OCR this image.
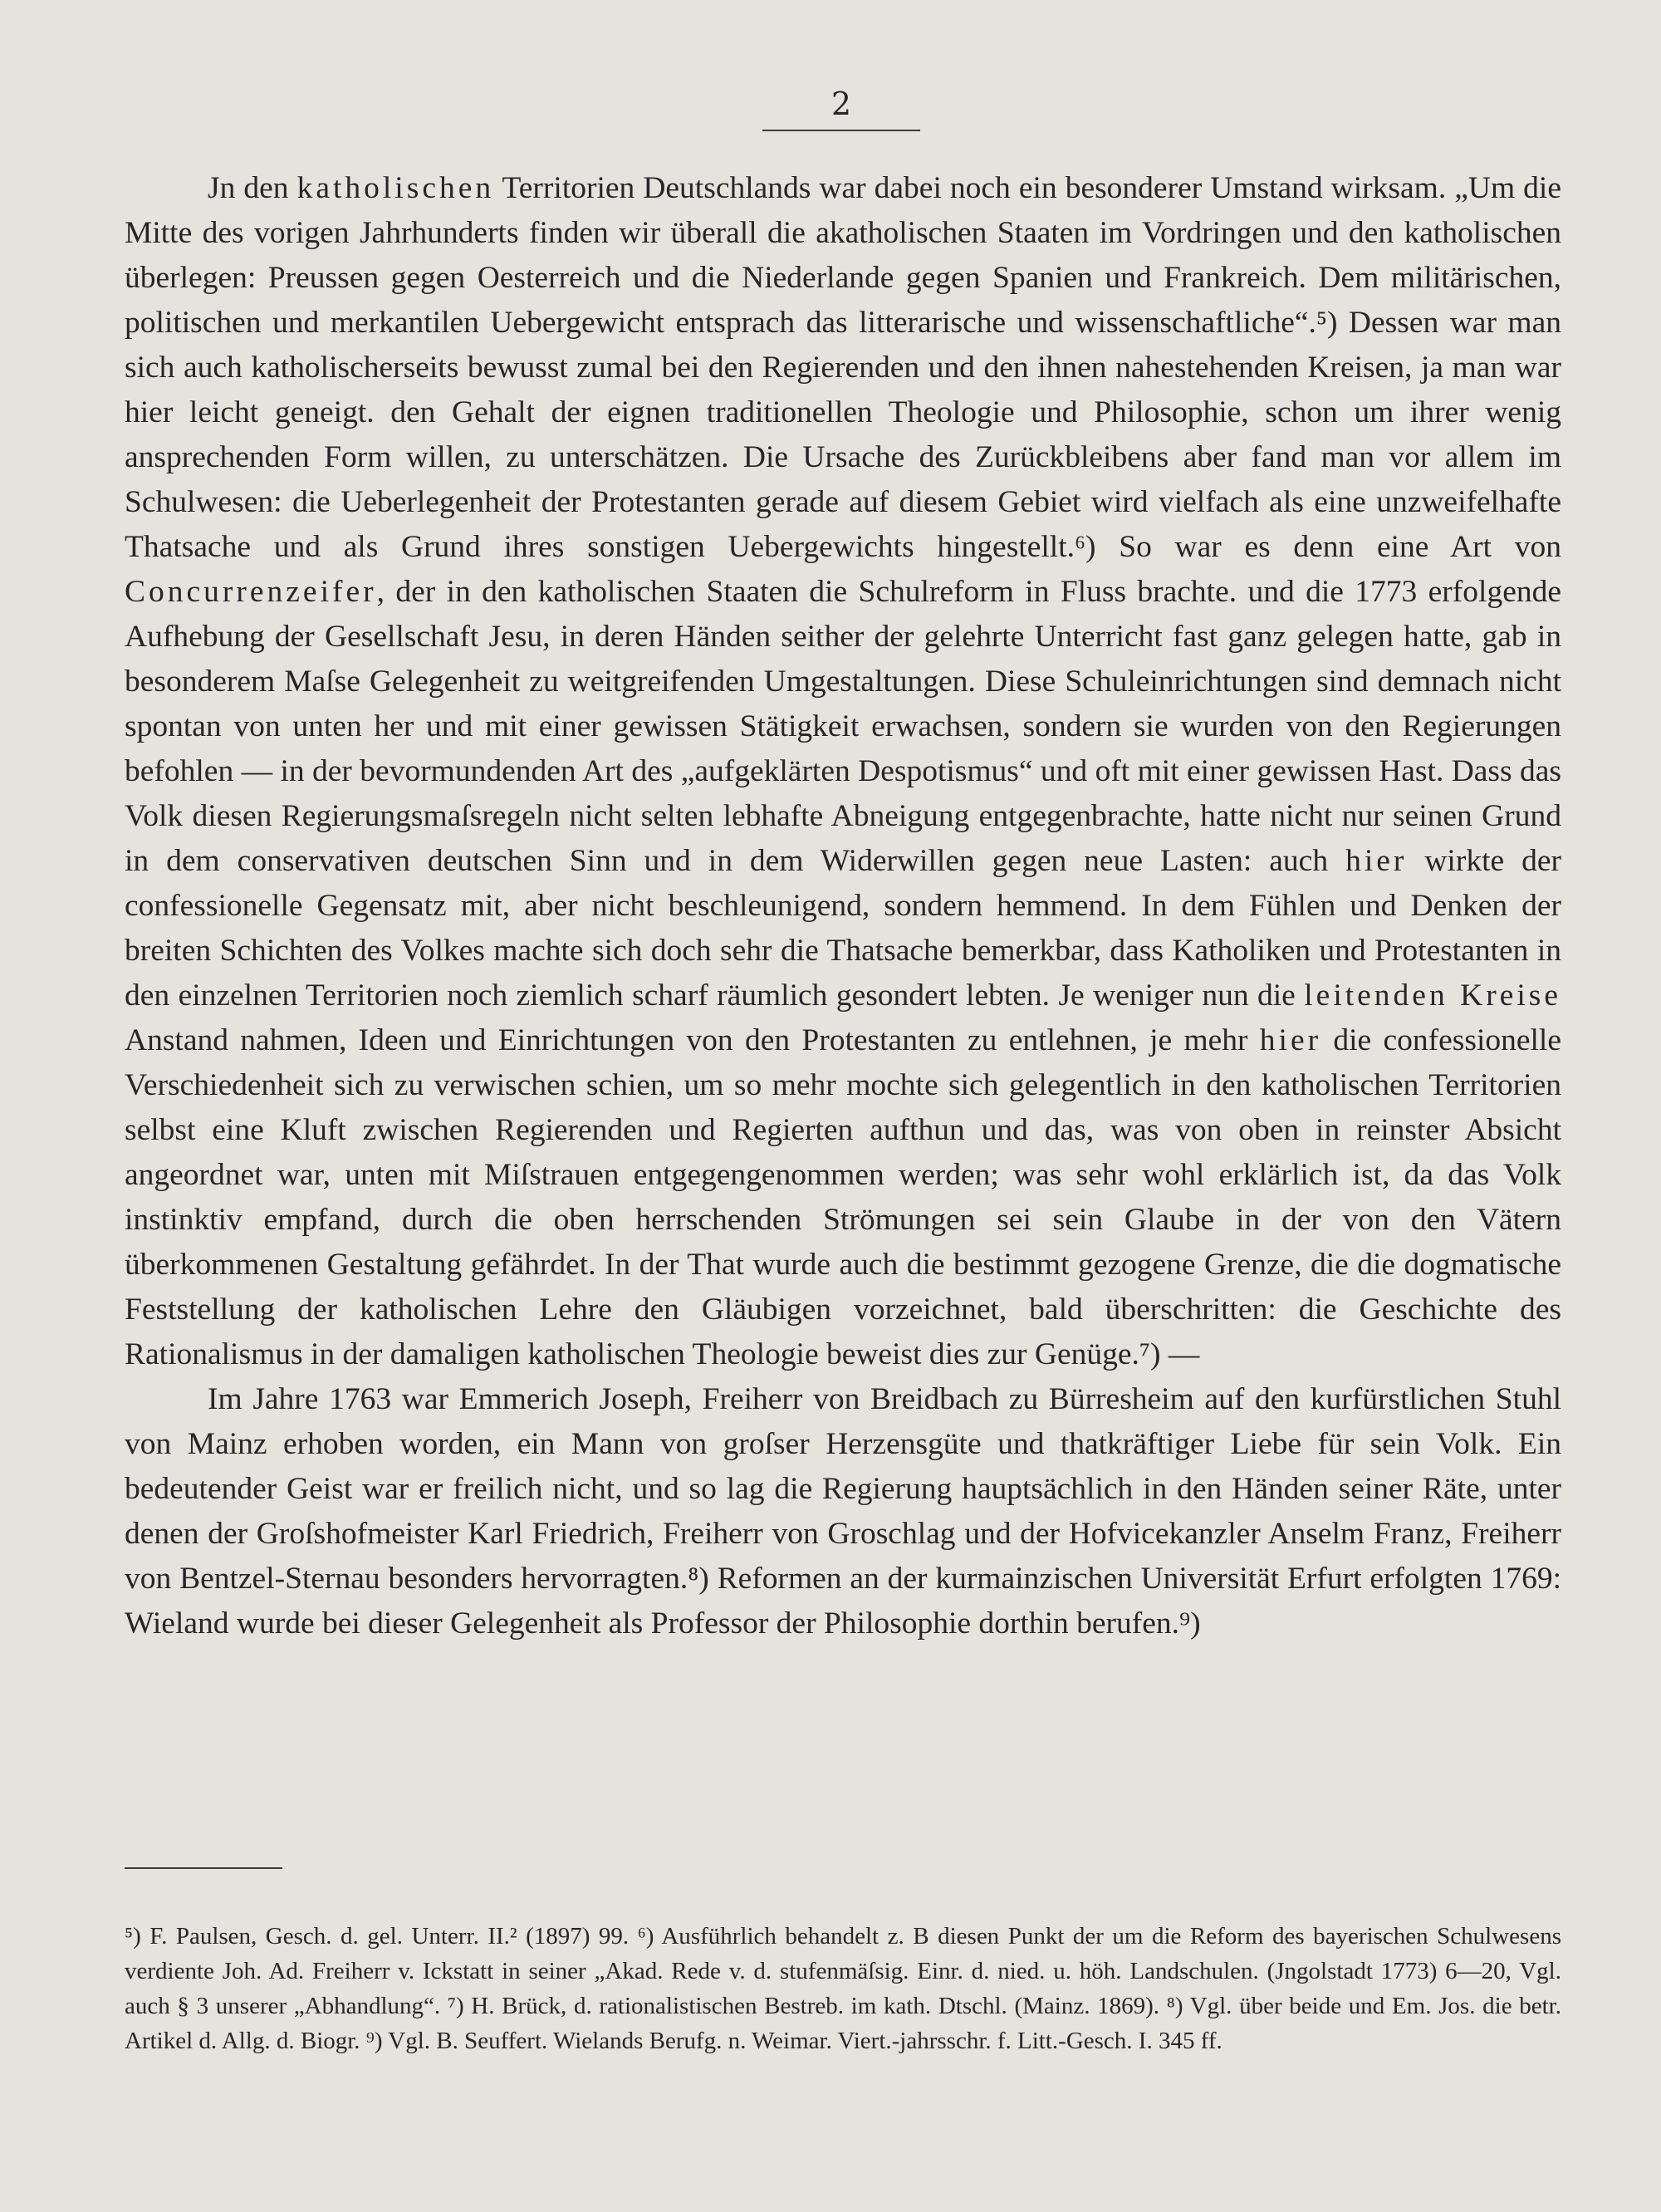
2

Jn den katholischen Territorien Deutschlands war dabei noch ein besonderer Umstand wirksam. „Um die Mitte des vorigen Jahrhunderts finden wir überall die akatholischen Staaten im Vordringen und den katholischen überlegen: Preussen gegen Oesterreich und die Niederlande gegen Spanien und Frankreich. Dem militärischen, politischen und merkantilen Uebergewicht entsprach das litterarische und wissenschaftliche“.⁵) Dessen war man sich auch katholischerseits bewusst zumal bei den Regierenden und den ihnen nahestehenden Kreisen, ja man war hier leicht geneigt. den Gehalt der eignen traditionellen Theologie und Philosophie, schon um ihrer wenig ansprechenden Form willen, zu unterschätzen. Die Ursache des Zurückbleibens aber fand man vor allem im Schulwesen: die Ueberlegenheit der Protestanten gerade auf diesem Gebiet wird vielfach als eine unzweifelhafte Thatsache und als Grund ihres sonstigen Uebergewichts hingestellt.⁶) So war es denn eine Art von Concurrenzeifer, der in den katholischen Staaten die Schulreform in Fluss brachte. und die 1773 erfolgende Aufhebung der Gesellschaft Jesu, in deren Händen seither der gelehrte Unterricht fast ganz gelegen hatte, gab in besonderem Maſse Gelegenheit zu weitgreifenden Umgestaltungen. Diese Schuleinrichtungen sind demnach nicht spontan von unten her und mit einer gewissen Stätigkeit erwachsen, sondern sie wurden von den Regierungen befohlen — in der bevormundenden Art des „aufgeklärten Despotismus“ und oft mit einer gewissen Hast. Dass das Volk diesen Regierungsmaſsregeln nicht selten lebhafte Abneigung entgegenbrachte, hatte nicht nur seinen Grund in dem conservativen deutschen Sinn und in dem Widerwillen gegen neue Lasten: auch hier wirkte der confessionelle Gegensatz mit, aber nicht beschleunigend, sondern hemmend. In dem Fühlen und Denken der breiten Schichten des Volkes machte sich doch sehr die Thatsache bemerkbar, dass Katholiken und Protestanten in den einzelnen Territorien noch ziemlich scharf räumlich gesondert lebten. Je weniger nun die leitenden Kreise Anstand nahmen, Ideen und Einrichtungen von den Protestanten zu entlehnen, je mehr hier die confessionelle Verschiedenheit sich zu verwischen schien, um so mehr mochte sich gelegentlich in den katholischen Territorien selbst eine Kluft zwischen Regierenden und Regierten aufthun und das, was von oben in reinster Absicht angeordnet war, unten mit Miſstrauen entgegengenommen werden; was sehr wohl erklärlich ist, da das Volk instinktiv empfand, durch die oben herrschenden Strömungen sei sein Glaube in der von den Vätern überkommenen Gestaltung gefährdet. In der That wurde auch die bestimmt gezogene Grenze, die die dogmatische Feststellung der katholischen Lehre den Gläubigen vorzeichnet, bald überschritten: die Geschichte des Rationalismus in der damaligen katholischen Theologie beweist dies zur Genüge.⁷) —

Im Jahre 1763 war Emmerich Joseph, Freiherr von Breidbach zu Bürresheim auf den kurfürstlichen Stuhl von Mainz erhoben worden, ein Mann von groſser Herzensgüte und thatkräftiger Liebe für sein Volk. Ein bedeutender Geist war er freilich nicht, und so lag die Regierung hauptsächlich in den Händen seiner Räte, unter denen der Groſshofmeister Karl Friedrich, Freiherr von Groschlag und der Hofvicekanzler Anselm Franz, Freiherr von Bentzel-Sternau besonders hervorragten.⁸) Reformen an der kurmainzischen Universität Erfurt erfolgten 1769: Wieland wurde bei dieser Gelegenheit als Professor der Philosophie dorthin berufen.⁹)

⁵) F. Paulsen, Gesch. d. gel. Unterr. II.² (1897) 99. ⁶) Ausführlich behandelt z. B diesen Punkt der um die Reform des bayerischen Schulwesens verdiente Joh. Ad. Freiherr v. Ickstatt in seiner „Akad. Rede v. d. stufenmäſsig. Einr. d. nied. u. höh. Landschulen. (Jngolstadt 1773) 6—20, Vgl. auch § 3 unserer „Abhandlung“. ⁷) H. Brück, d. rationalistischen Bestreb. im kath. Dtschl. (Mainz. 1869). ⁸) Vgl. über beide und Em. Jos. die betr. Artikel d. Allg. d. Biogr. ⁹) Vgl. B. Seuffert. Wielands Berufg. n. Weimar. Viert.-jahrsschr. f. Litt.-Gesch. I. 345 ff.
